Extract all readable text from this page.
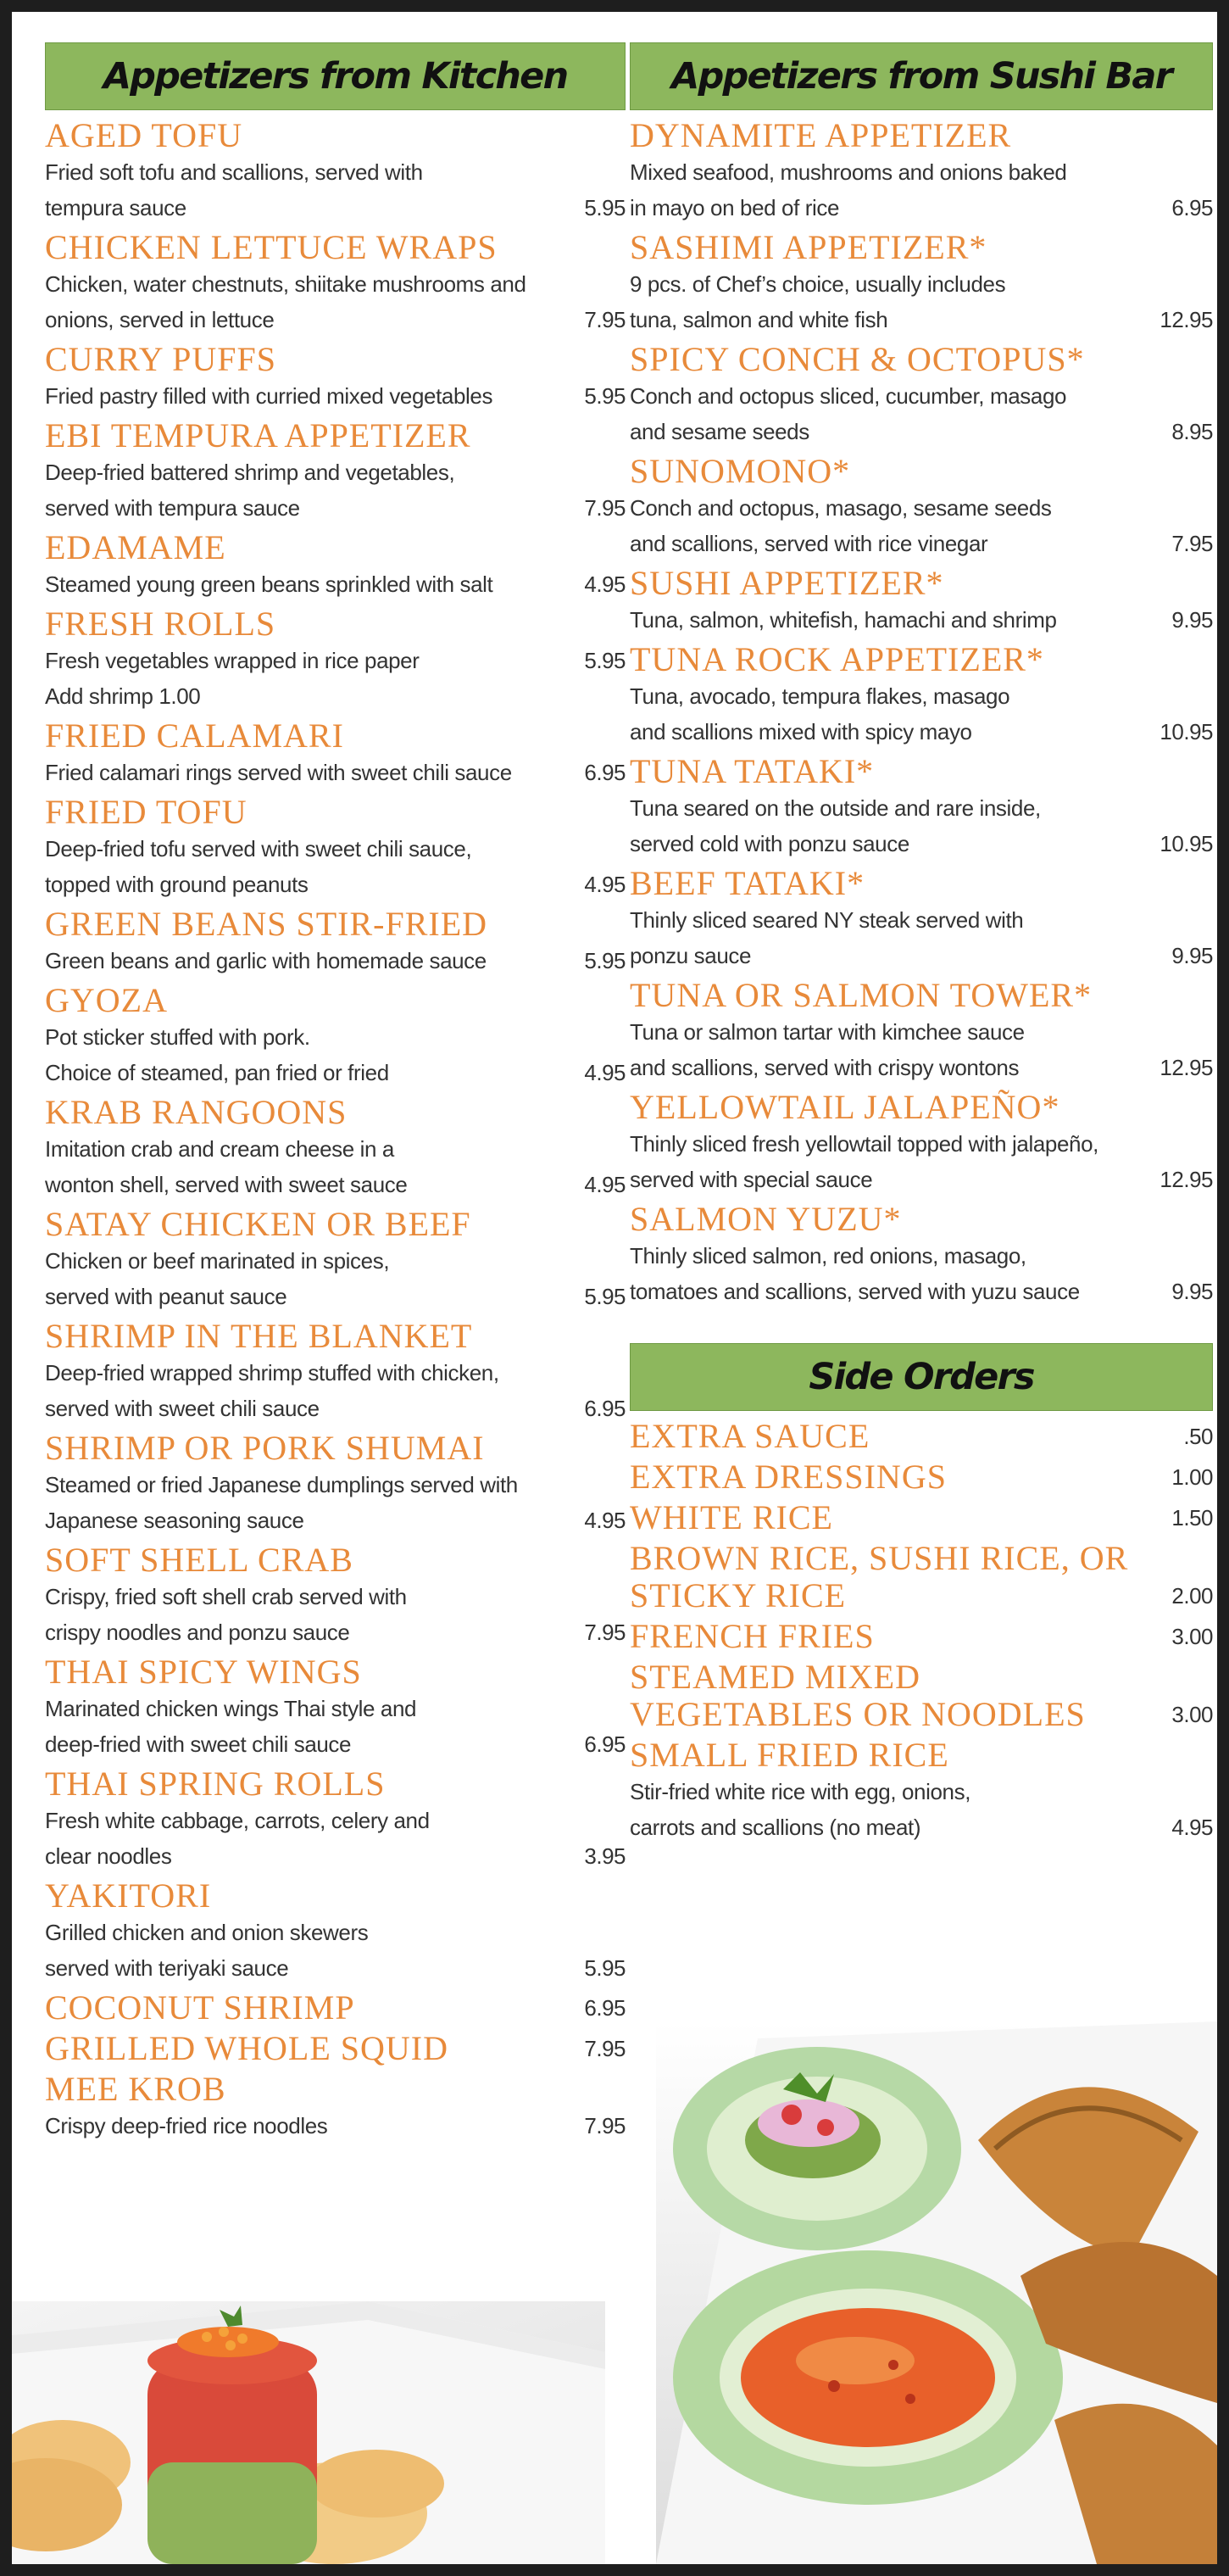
Appetizers from Kitchen
AGED TOFU
Fried soft tofu and scallions, served with
tempura sauce	5.95
CHICKEN LETTUCE WRAPS
Chicken, water chestnuts, shiitake mushrooms and
onions, served in lettuce	7.95
CURRY PUFFS
Fried pastry filled with curried mixed vegetables	5.95
EBI TEMPURA APPETIZER
Deep-fried battered shrimp and vegetables,
served with tempura sauce	7.95
EDAMAME
Steamed young green beans sprinkled with salt	4.95
FRESH ROLLS
Fresh vegetables wrapped in rice paper	5.95
Add shrimp 1.00
FRIED CALAMARI
Fried calamari rings served with sweet chili sauce	6.95
FRIED TOFU
Deep-fried tofu served with sweet chili sauce,
topped with ground peanuts	4.95
GREEN BEANS STIR-FRIED
Green beans and garlic with homemade sauce	5.95
GYOZA
Pot sticker stuffed with pork.
Choice of steamed, pan fried or fried	4.95
KRAB RANGOONS
Imitation crab and cream cheese in a
wonton shell, served with sweet sauce	4.95
SATAY CHICKEN OR BEEF
Chicken or beef marinated in spices,
served with peanut sauce	5.95
SHRIMP IN THE BLANKET
Deep-fried wrapped shrimp stuffed with chicken,
served with sweet chili sauce	6.95
SHRIMP OR PORK SHUMAI
Steamed or fried Japanese dumplings served with
Japanese seasoning sauce	4.95
SOFT SHELL CRAB
Crispy, fried soft shell crab served with
crispy noodles and ponzu sauce	7.95
THAI SPICY WINGS
Marinated chicken wings Thai style and
deep-fried with sweet chili sauce	6.95
THAI SPRING ROLLS
Fresh white cabbage, carrots, celery and
clear noodles	3.95
YAKITORI
Grilled chicken and onion skewers
served with teriyaki sauce	5.95
COCONUT SHRIMP	6.95
GRILLED WHOLE SQUID	7.95
MEE KROB
Crispy deep-fried rice noodles	7.95
Appetizers from Sushi Bar
DYNAMITE APPETIZER
Mixed seafood, mushrooms and onions baked
in mayo on bed of rice	6.95
SASHIMI APPETIZER*
9 pcs. of Chef’s choice, usually includes
tuna, salmon and white fish	12.95
SPICY CONCH & OCTOPUS*
Conch and octopus sliced, cucumber, masago
and sesame seeds	8.95
SUNOMONO*
Conch and octopus, masago, sesame seeds
and scallions, served with rice vinegar	7.95
SUSHI APPETIZER*
Tuna, salmon, whitefish, hamachi and shrimp	9.95
TUNA ROCK APPETIZER*
Tuna, avocado, tempura flakes, masago
and scallions mixed with spicy mayo	10.95
TUNA TATAKI*
Tuna seared on the outside and rare inside,
served cold with ponzu sauce	10.95
BEEF TATAKI*
Thinly sliced seared NY steak served with
ponzu sauce	9.95
TUNA OR SALMON TOWER*
Tuna or salmon tartar with kimchee sauce
and scallions, served with crispy wontons	12.95
YELLOWTAIL JALAPEÑO*
Thinly sliced fresh yellowtail topped with jalapeño,
served with special sauce	12.95
SALMON YUZU*
Thinly sliced salmon, red onions, masago,
tomatoes and scallions, served with yuzu sauce	9.95
Side Orders
EXTRA SAUCE	.50
EXTRA DRESSINGS	1.00
WHITE RICE	1.50
BROWN RICE, SUSHI RICE, OR STICKY RICE	2.00
FRENCH FRIES	3.00
STEAMED MIXED VEGETABLES OR NOODLES	3.00
SMALL FRIED RICE
Stir-fried white rice with egg, onions,
carrots and scallions (no meat)	4.95
